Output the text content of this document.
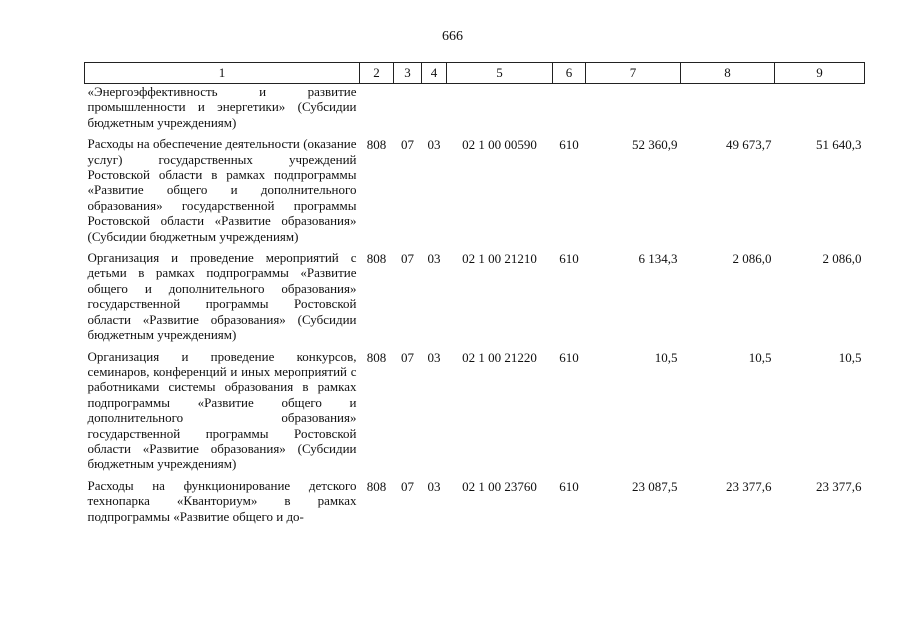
666
1	2	3	4	5	6	7	8	9
«Энергоэффективность и развитие промышленности и энергетики» (Субсидии бюджетным учреждениям)								
Расходы на обеспечение деятельности (оказание услуг) государственных учреждений Ростовской области в рамках подпрограммы «Развитие общего и дополнительного образования» государственной программы Ростовской области «Развитие образования» (Субсидии бюджетным учреждениям)	808	07	03	02 1 00 00590	610	52 360,9	49 673,7	51 640,3
Организация и проведение мероприятий с детьми в рамках подпрограммы «Развитие общего и дополнительного образования» государственной программы Ростовской области «Развитие образования» (Субсидии бюджетным учреждениям)	808	07	03	02 1 00 21210	610	6 134,3	2 086,0	2 086,0
Организация и проведение конкурсов, семинаров, конференций и иных мероприятий с работниками системы образования в рамках подпрограммы «Развитие общего и дополнительного образования» государственной программы Ростовской области «Развитие образования» (Субсидии бюджетным учреждениям)	808	07	03	02 1 00 21220	610	10,5	10,5	10,5
Расходы на функционирование детского технопарка «Кванториум» в рамках подпрограммы «Развитие общего и до-	808	07	03	02 1 00 23760	610	23 087,5	23 377,6	23 377,6
